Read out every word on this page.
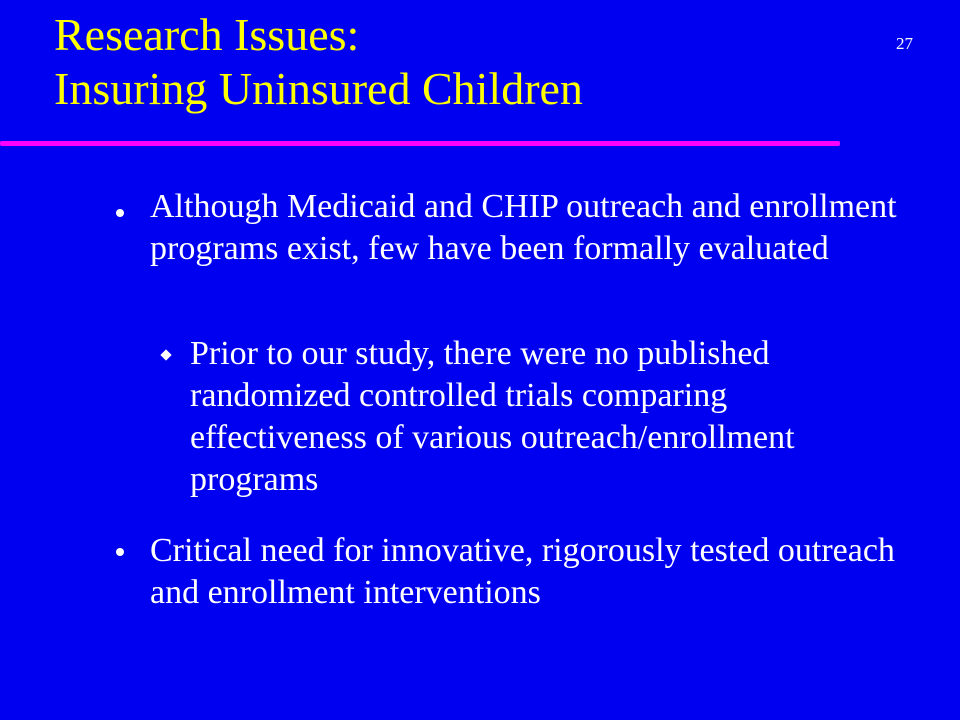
Research Issues:
Insuring Uninsured Children
27
Although Medicaid and CHIP outreach and enrollment programs exist, few have been formally evaluated
Prior to our study, there were no published randomized controlled trials comparing effectiveness of various outreach/enrollment programs
Critical need for innovative, rigorously tested outreach and enrollment interventions
